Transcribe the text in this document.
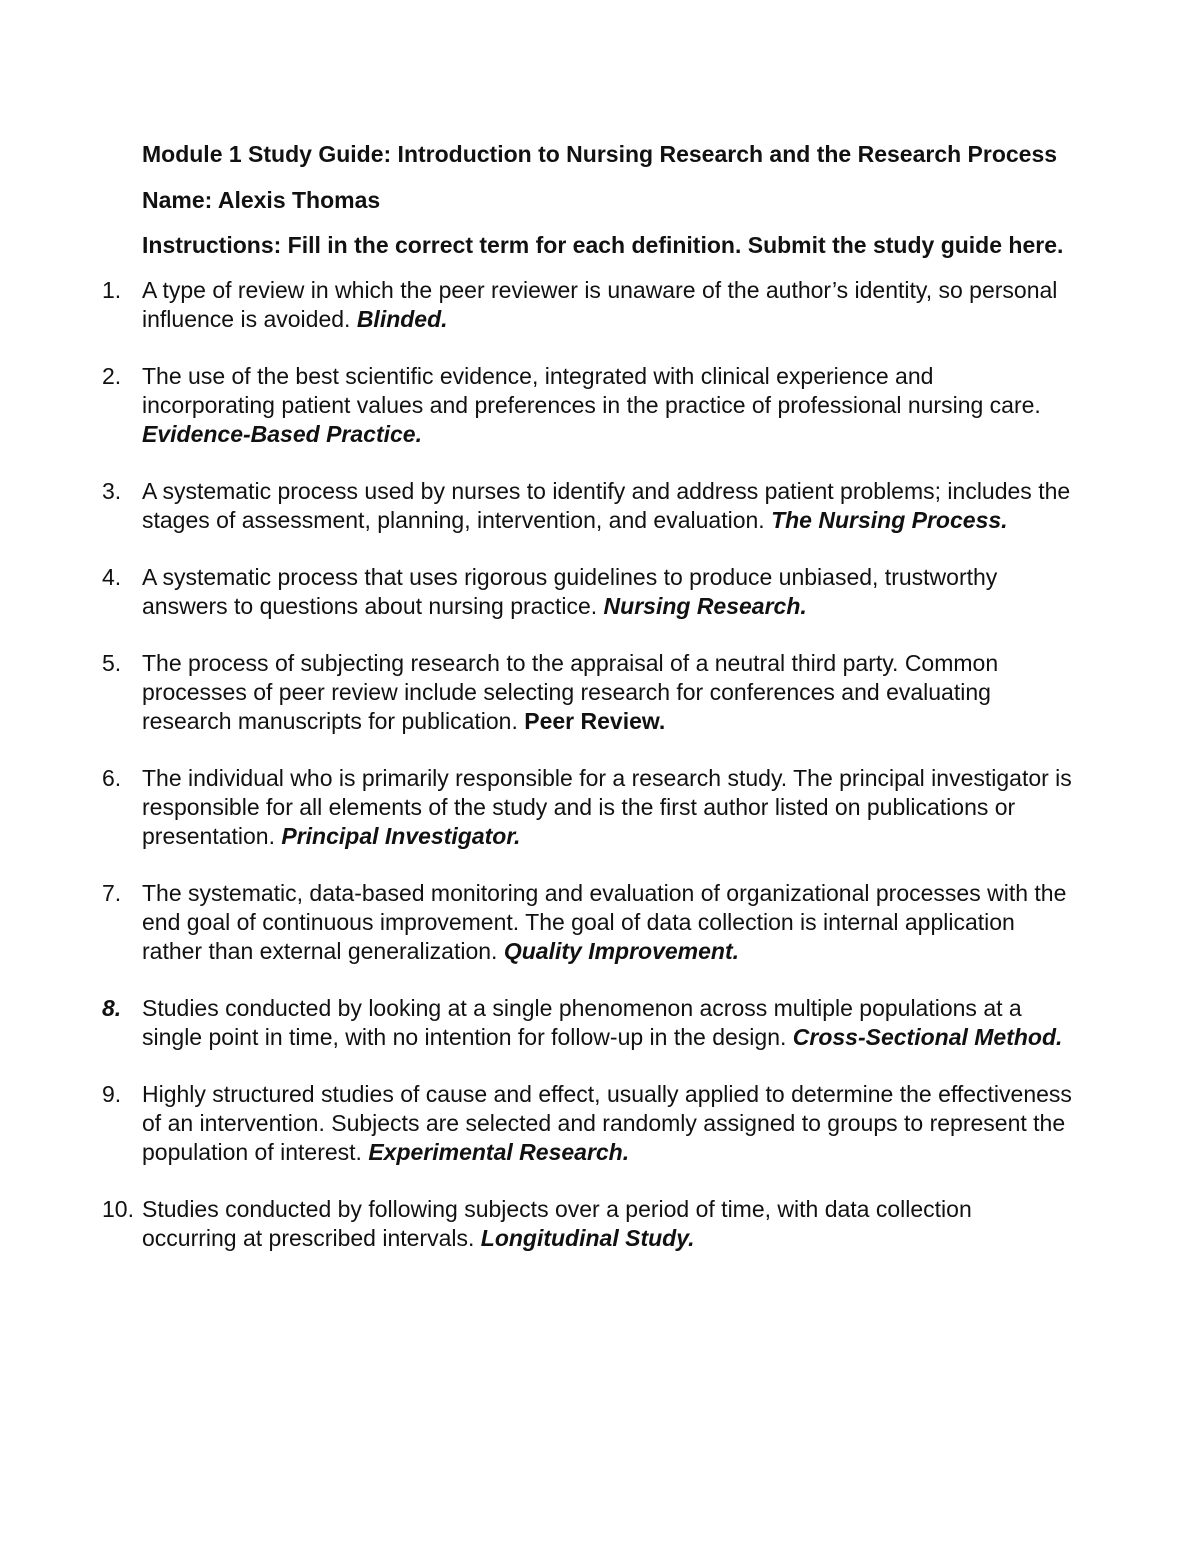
Module 1 Study Guide: Introduction to Nursing Research and the Research Process
Name: Alexis Thomas
Instructions: Fill in the correct term for each definition. Submit the study guide here.
1. A type of review in which the peer reviewer is unaware of the author’s identity, so personal influence is avoided. Blinded.
2. The use of the best scientific evidence, integrated with clinical experience and incorporating patient values and preferences in the practice of professional nursing care. Evidence-Based Practice.
3. A systematic process used by nurses to identify and address patient problems; includes the stages of assessment, planning, intervention, and evaluation. The Nursing Process.
4. A systematic process that uses rigorous guidelines to produce unbiased, trustworthy answers to questions about nursing practice. Nursing Research.
5. The process of subjecting research to the appraisal of a neutral third party. Common processes of peer review include selecting research for conferences and evaluating research manuscripts for publication. Peer Review.
6. The individual who is primarily responsible for a research study. The principal investigator is responsible for all elements of the study and is the first author listed on publications or presentation. Principal Investigator.
7. The systematic, data-based monitoring and evaluation of organizational processes with the end goal of continuous improvement. The goal of data collection is internal application rather than external generalization. Quality Improvement.
8. Studies conducted by looking at a single phenomenon across multiple populations at a single point in time, with no intention for follow-up in the design. Cross-Sectional Method.
9. Highly structured studies of cause and effect, usually applied to determine the effectiveness of an intervention. Subjects are selected and randomly assigned to groups to represent the population of interest. Experimental Research.
10. Studies conducted by following subjects over a period of time, with data collection occurring at prescribed intervals. Longitudinal Study.
